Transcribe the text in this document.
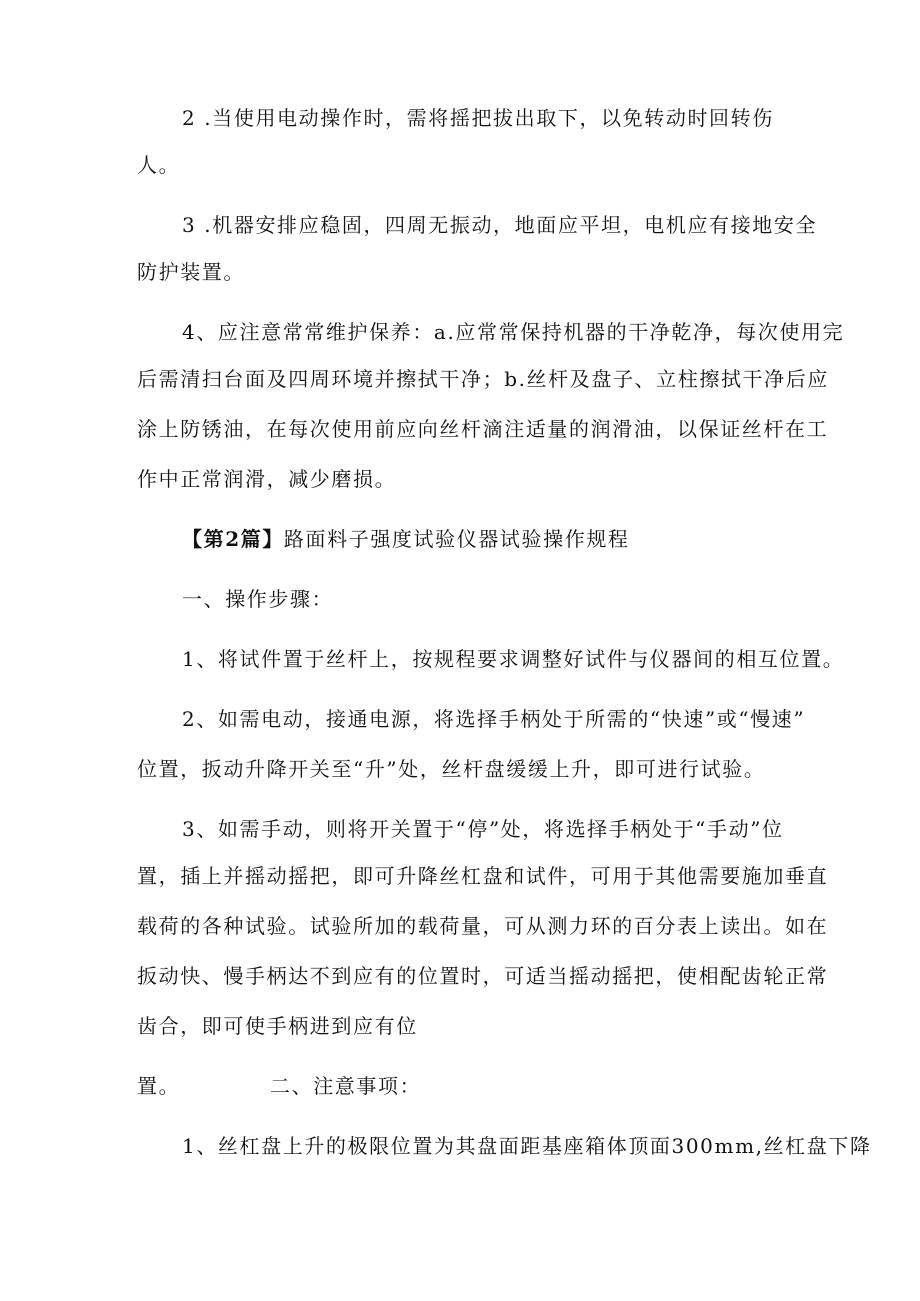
2 .当使用电动操作时，需将摇把拔出取下，以免转动时回转伤
人。
3 .机器安排应稳固，四周无振动，地面应平坦，电机应有接地安全
防护装置。
4、应注意常常维护保养：a.应常常保持机器的干净乾净，每次使用完
后需清扫台面及四周环境并擦拭干净；b.丝杆及盘子、立柱擦拭干净后应
涂上防锈油，在每次使用前应向丝杆滴注适量的润滑油，以保证丝杆在工
作中正常润滑，减少磨损。
【第2篇】路面料子强度试验仪器试验操作规程
一、操作步骤：
1、将试件置于丝杆上，按规程要求调整好试件与仪器间的相互位置。
2、如需电动，接通电源，将选择手柄处于所需的“快速”或“慢速”
位置，扳动升降开关至“升”处，丝杆盘缓缓上升，即可进行试验。
3、如需手动，则将开关置于“停”处，将选择手柄处于“手动”位
置，插上并摇动摇把，即可升降丝杠盘和试件，可用于其他需要施加垂直
载荷的各种试验。试验所加的载荷量，可从测力环的百分表上读出。如在
扳动快、慢手柄达不到应有的位置时，可适当摇动摇把，使相配齿轮正常
齿合，即可使手柄进到应有位
置。	二、注意事项：
1、丝杠盘上升的极限位置为其盘面距基座箱体顶面300mm,丝杠盘下降
